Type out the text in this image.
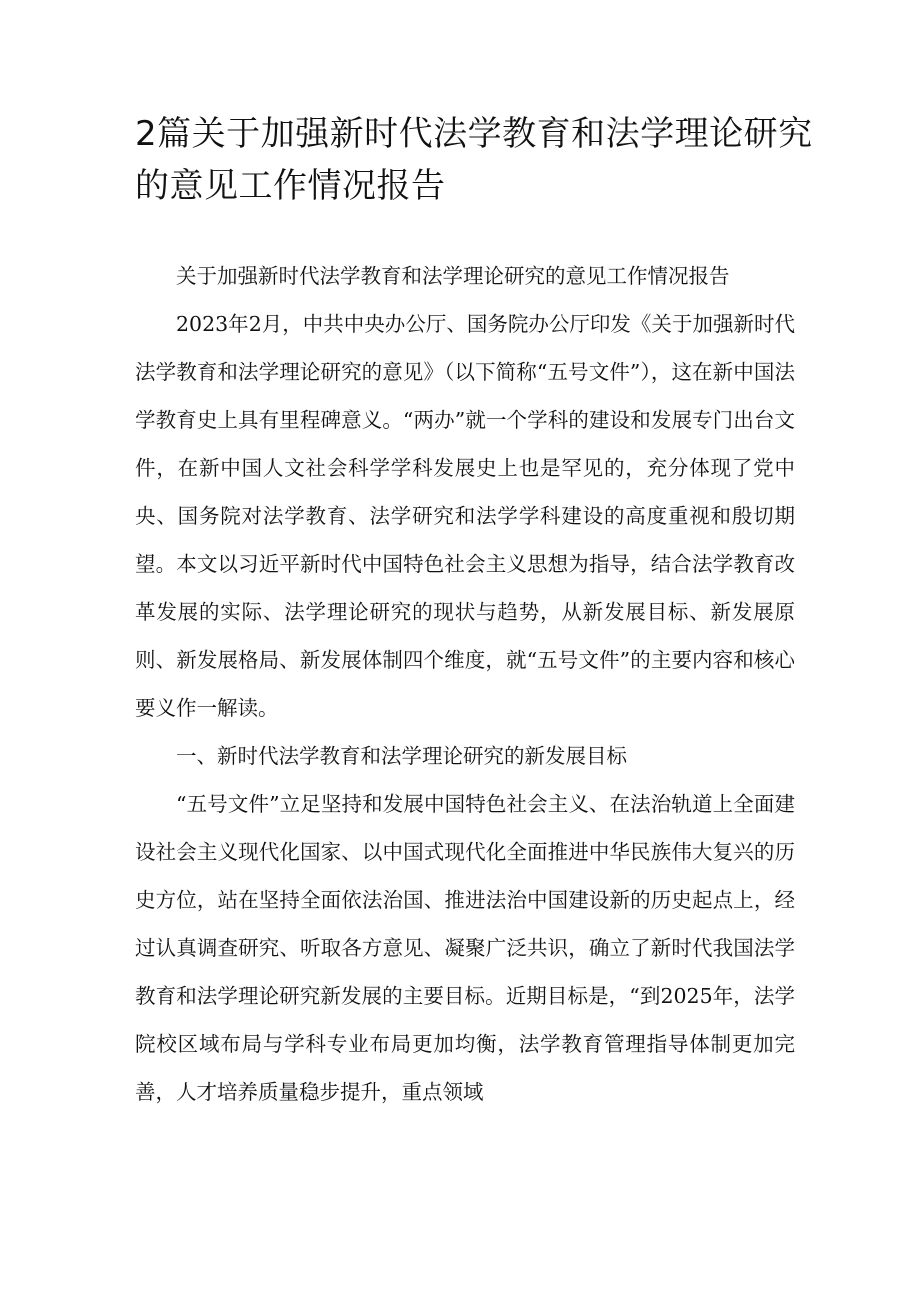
2篇关于加强新时代法学教育和法学理论研究的意见工作情况报告

关于加强新时代法学教育和法学理论研究的意见工作情况报告

2023年2月，中共中央办公厅、国务院办公厅印发《关于加强新时代法学教育和法学理论研究的意见》（以下简称“五号文件”），这在新中国法学教育史上具有里程碑意义。“两办”就一个学科的建设和发展专门出台文件，在新中国人文社会科学学科发展史上也是罕见的，充分体现了党中央、国务院对法学教育、法学研究和法学学科建设的高度重视和殷切期望。本文以习近平新时代中国特色社会主义思想为指导，结合法学教育改革发展的实际、法学理论研究的现状与趋势，从新发展目标、新发展原则、新发展格局、新发展体制四个维度，就“五号文件”的主要内容和核心要义作一解读。

一、新时代法学教育和法学理论研究的新发展目标

“五号文件”立足坚持和发展中国特色社会主义、在法治轨道上全面建设社会主义现代化国家、以中国式现代化全面推进中华民族伟大复兴的历史方位，站在坚持全面依法治国、推进法治中国建设新的历史起点上，经过认真调查研究、听取各方意见、凝聚广泛共识，确立了新时代我国法学教育和法学理论研究新发展的主要目标。近期目标是，“到2025年，法学院校区域布局与学科专业布局更加均衡，法学教育管理指导体制更加完善，人才培养质量稳步提升，重点领域
